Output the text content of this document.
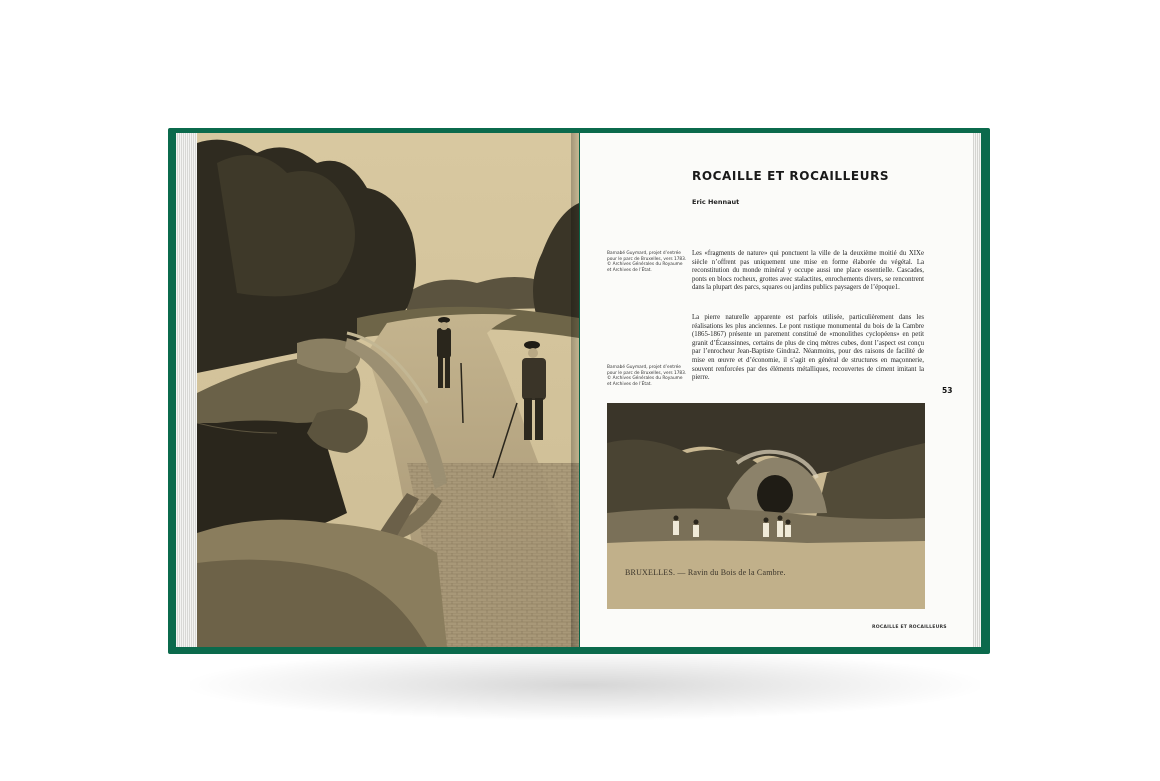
ROCAILLE ET ROCAILLEURS
Eric Hennaut
Barnabé Guymard, projet d’entrée pour le parc de Bruxelles, vers 1783. © Archives Générales du Royaume et Archives de l’État.
Barnabé Guymard, projet d’entrée pour le parc de Bruxelles, vers 1783. © Archives Générales du Royaume et Archives de l’État.

Les «fragments de nature» qui ponctuent la ville de la deuxième moitié du XIXe siècle n’offrent pas uniquement une mise en forme élaborée du végétal. La reconstitution du monde minéral y occupe aussi une place essentielle. Cascades, ponts en blocs rocheux, grottes avec stalactites, enrochements divers, se rencontrent dans la plupart des parcs, squares ou jardins publics paysagers de l’époque1.

La pierre naturelle apparente est parfois utilisée, particulièrement dans les réalisations les plus anciennes. Le pont rustique monumental du bois de la Cambre (1865-1867) présente un parement constitué de «monolithes cyclopéens» en petit granit d’Écaussinnes, certains de plus de cinq mètres cubes, dont l’aspect est conçu par l’enrocheur Jean-Baptiste Gindra2. Néanmoins, pour des raisons de facilité de mise en œuvre et d’économie, il s’agit en général de structures en maçonnerie, souvent renforcées par des éléments métalliques, recouvertes de ciment imitant la pierre.

53
BRUXELLES. — Ravin du Bois de la Cambre.
ROCAILLE ET ROCAILLEURS
